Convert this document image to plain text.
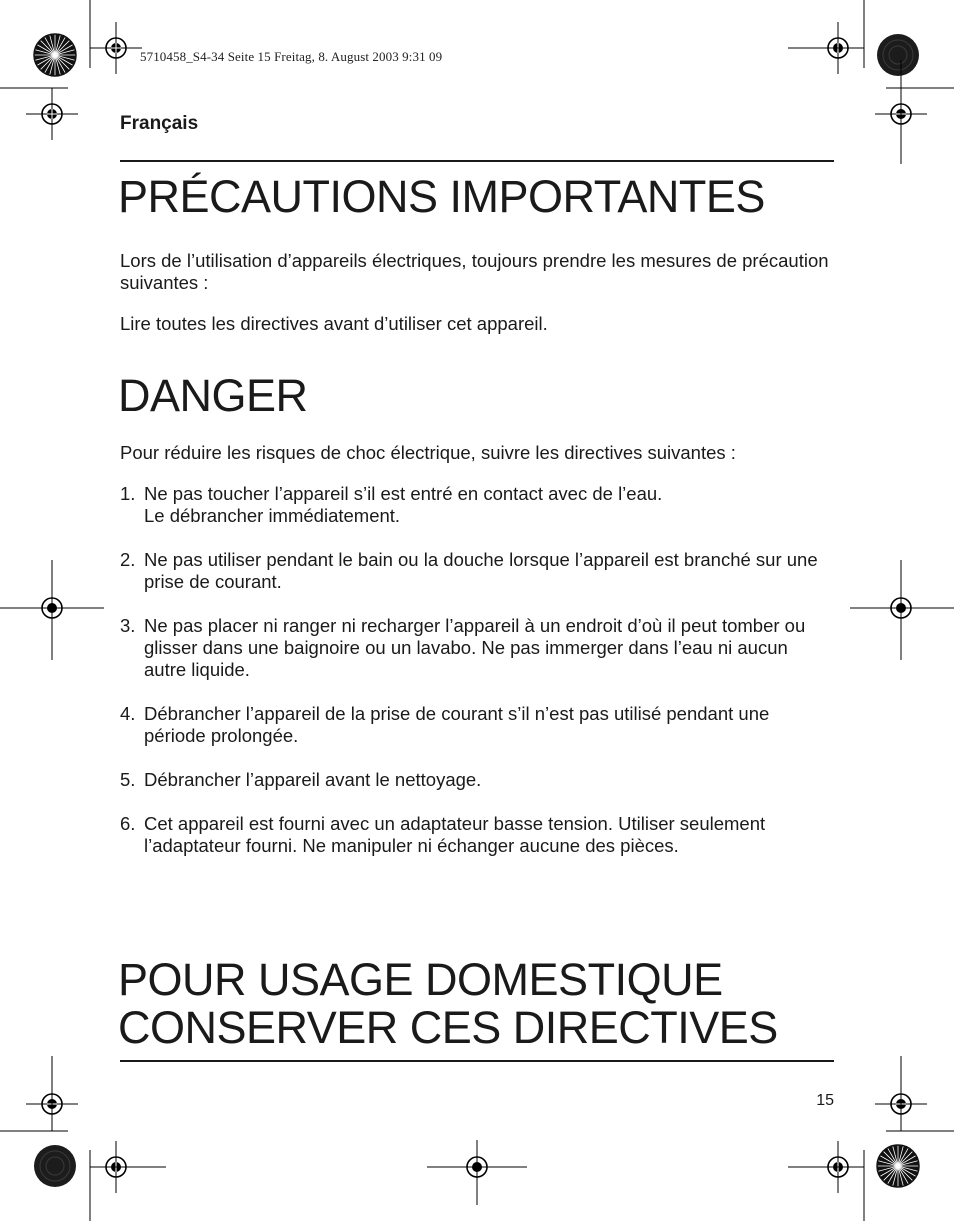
5710458_S4-34 Seite 15 Freitag, 8. August 2003 9:31 09
Français
PRÉCAUTIONS IMPORTANTES

Lors de l’utilisation d’appareils électriques, toujours prendre les mesures de précaution suivantes :

Lire toutes les directives avant d’utiliser cet appareil.

DANGER

Pour réduire les risques de choc électrique, suivre les directives suivantes :

1. Ne pas toucher l’appareil s’il est entré en contact avec de l’eau.
Le débrancher immédiatement.
2. Ne pas utiliser pendant le bain ou la douche lorsque l’appareil est branché sur une prise de courant.
3. Ne pas placer ni ranger ni recharger l’appareil à un endroit d’où il peut tomber ou glisser dans une baignoire ou un lavabo. Ne pas immerger dans l’eau ni aucun autre liquide.
4. Débrancher l’appareil de la prise de courant s’il n’est pas utilisé pendant une période prolongée.
5. Débrancher l’appareil avant le nettoyage.
6. Cet appareil est fourni avec un adaptateur basse tension. Utiliser seulement l’adaptateur fourni. Ne manipuler ni échanger aucune des pièces.
POUR USAGE DOMESTIQUE
CONSERVER CES DIRECTIVES
15
